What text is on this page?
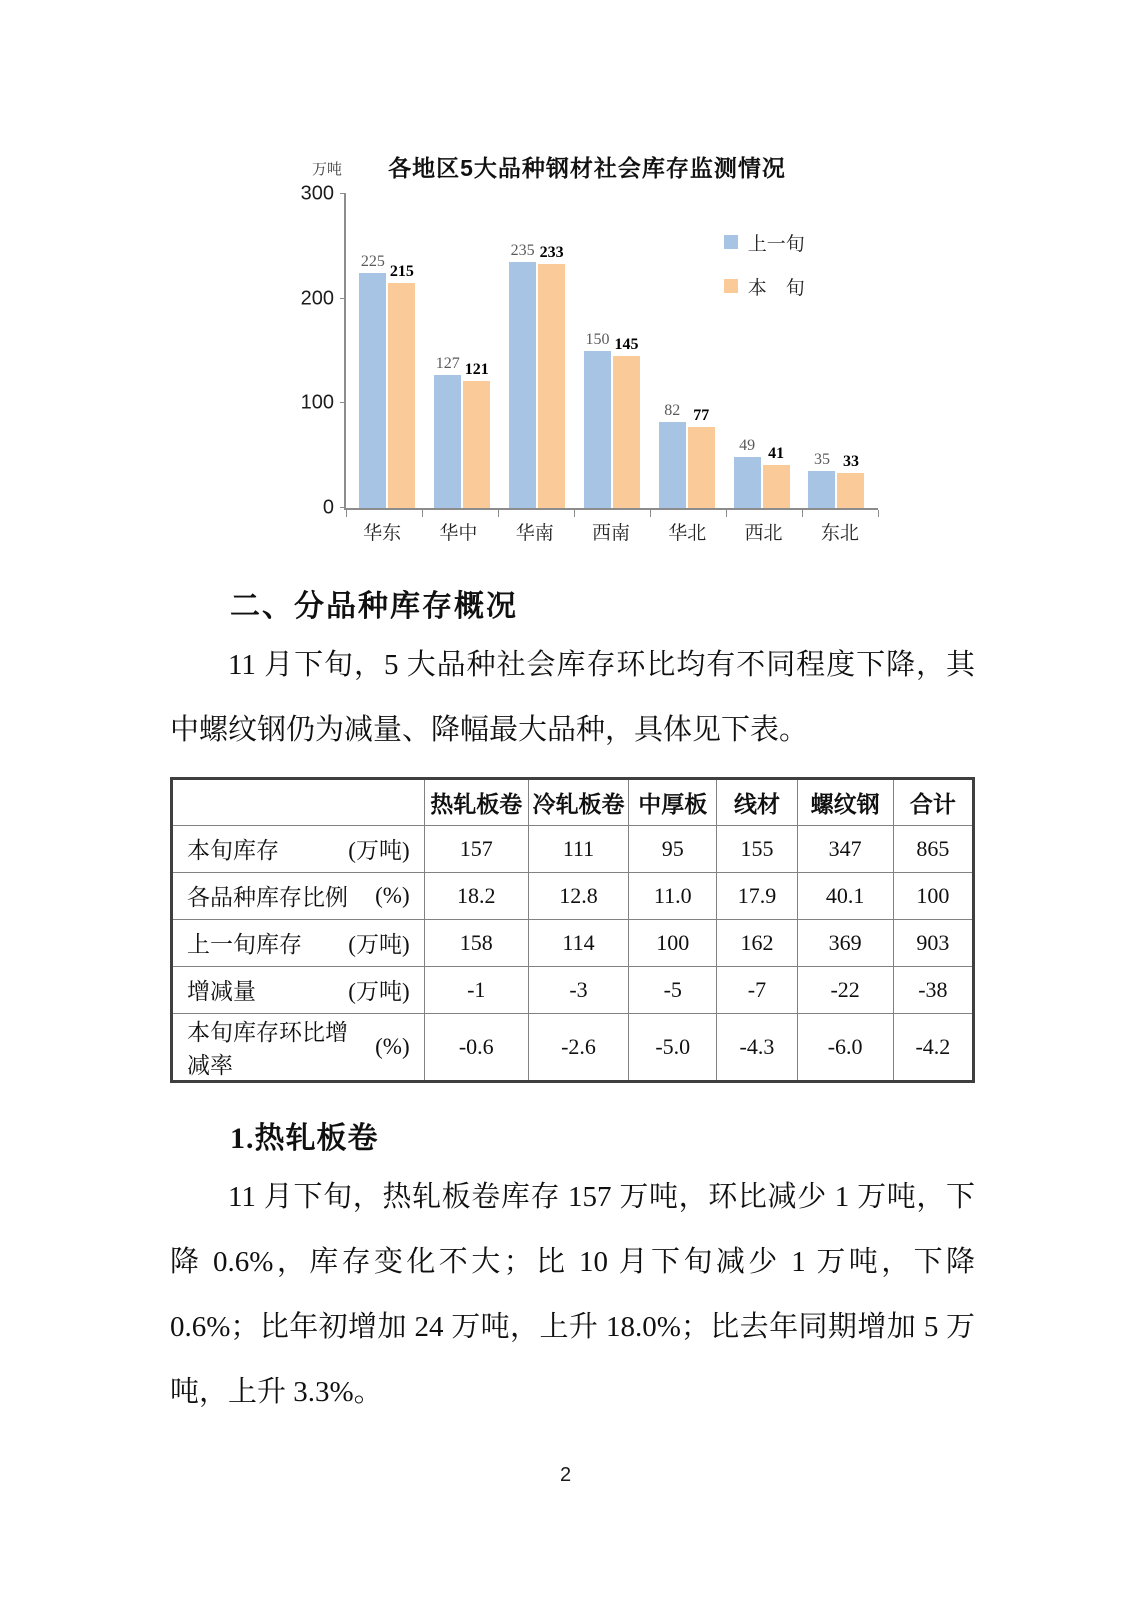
万吨	各地区5大品种钢材社会库存监测情况
0
100
200
300
上一旬
本　旬
225
215
127 121
235 233
150 145
82 77
49 41 35 33
华东	华中	华南	西南	华北	西北	东北
二、分品种库存概况

11 月下旬，5 大品种社会库存环比均有不同程度下降，其中螺纹钢仍为减量、降幅最大品种，具体见下表。

	热轧板卷	冷轧板卷	中厚板	线材	螺纹钢	合计

本旬库存 (万吨)	157	111	95	155	347	865

各品种库存比例 (%)	18.2	12.8	11.0	17.9	40.1	100

上一旬库存 (万吨)	158	114	100	162	369	903

增减量 (万吨)	-1	-3	-5	-7	-22	-38

本旬库存环比增减率
(%)	-0.6	-2.6	-5.0	-4.3	-6.0	-4.2
1.热轧板卷

11 月下旬，热轧板卷库存 157 万吨，环比减少 1 万吨，下降 0.6%，库存变化不大；比 10 月下旬减少 1 万吨，下降 0.6%；比年初增加 24 万吨，上升 18.0%；比去年同期增加 5 万吨，上升 3.3%。

2
